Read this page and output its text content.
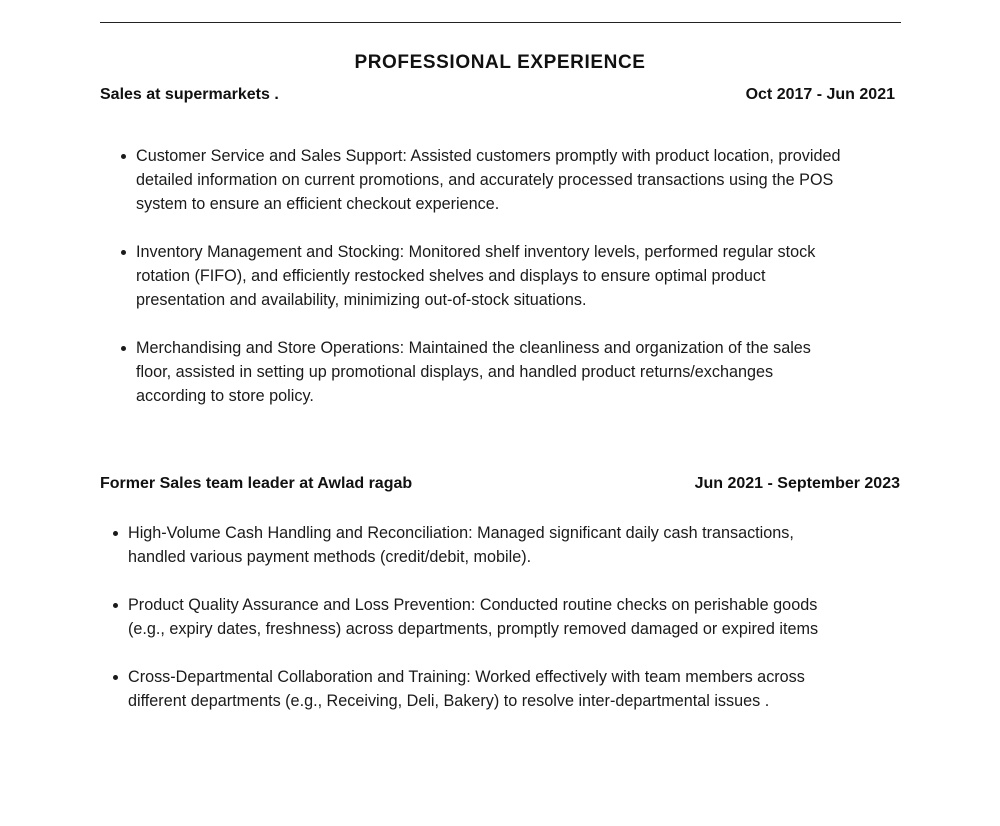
PROFESSIONAL EXPERIENCE
Sales at supermarkets .	Oct 2017 - Jun 2021
Customer Service and Sales Support: Assisted customers promptly with product location, provided
detailed information on current promotions, and accurately processed transactions using the POS
system to ensure an efficient checkout experience.
Inventory Management and Stocking: Monitored shelf inventory levels, performed regular stock
rotation (FIFO), and efficiently restocked shelves and displays to ensure optimal product
presentation and availability, minimizing out-of-stock situations.
Merchandising and Store Operations: Maintained the cleanliness and organization of the sales
floor, assisted in setting up promotional displays, and handled product returns/exchanges
according to store policy.
Former Sales team leader at Awlad ragab	Jun 2021 - September 2023
High-Volume Cash Handling and Reconciliation: Managed significant daily cash transactions,
handled various payment methods (credit/debit, mobile).
Product Quality Assurance and Loss Prevention: Conducted routine checks on perishable goods
(e.g., expiry dates, freshness) across departments, promptly removed damaged or expired items
Cross-Departmental Collaboration and Training: Worked effectively with team members across
different departments (e.g., Receiving, Deli, Bakery) to resolve inter-departmental issues .
